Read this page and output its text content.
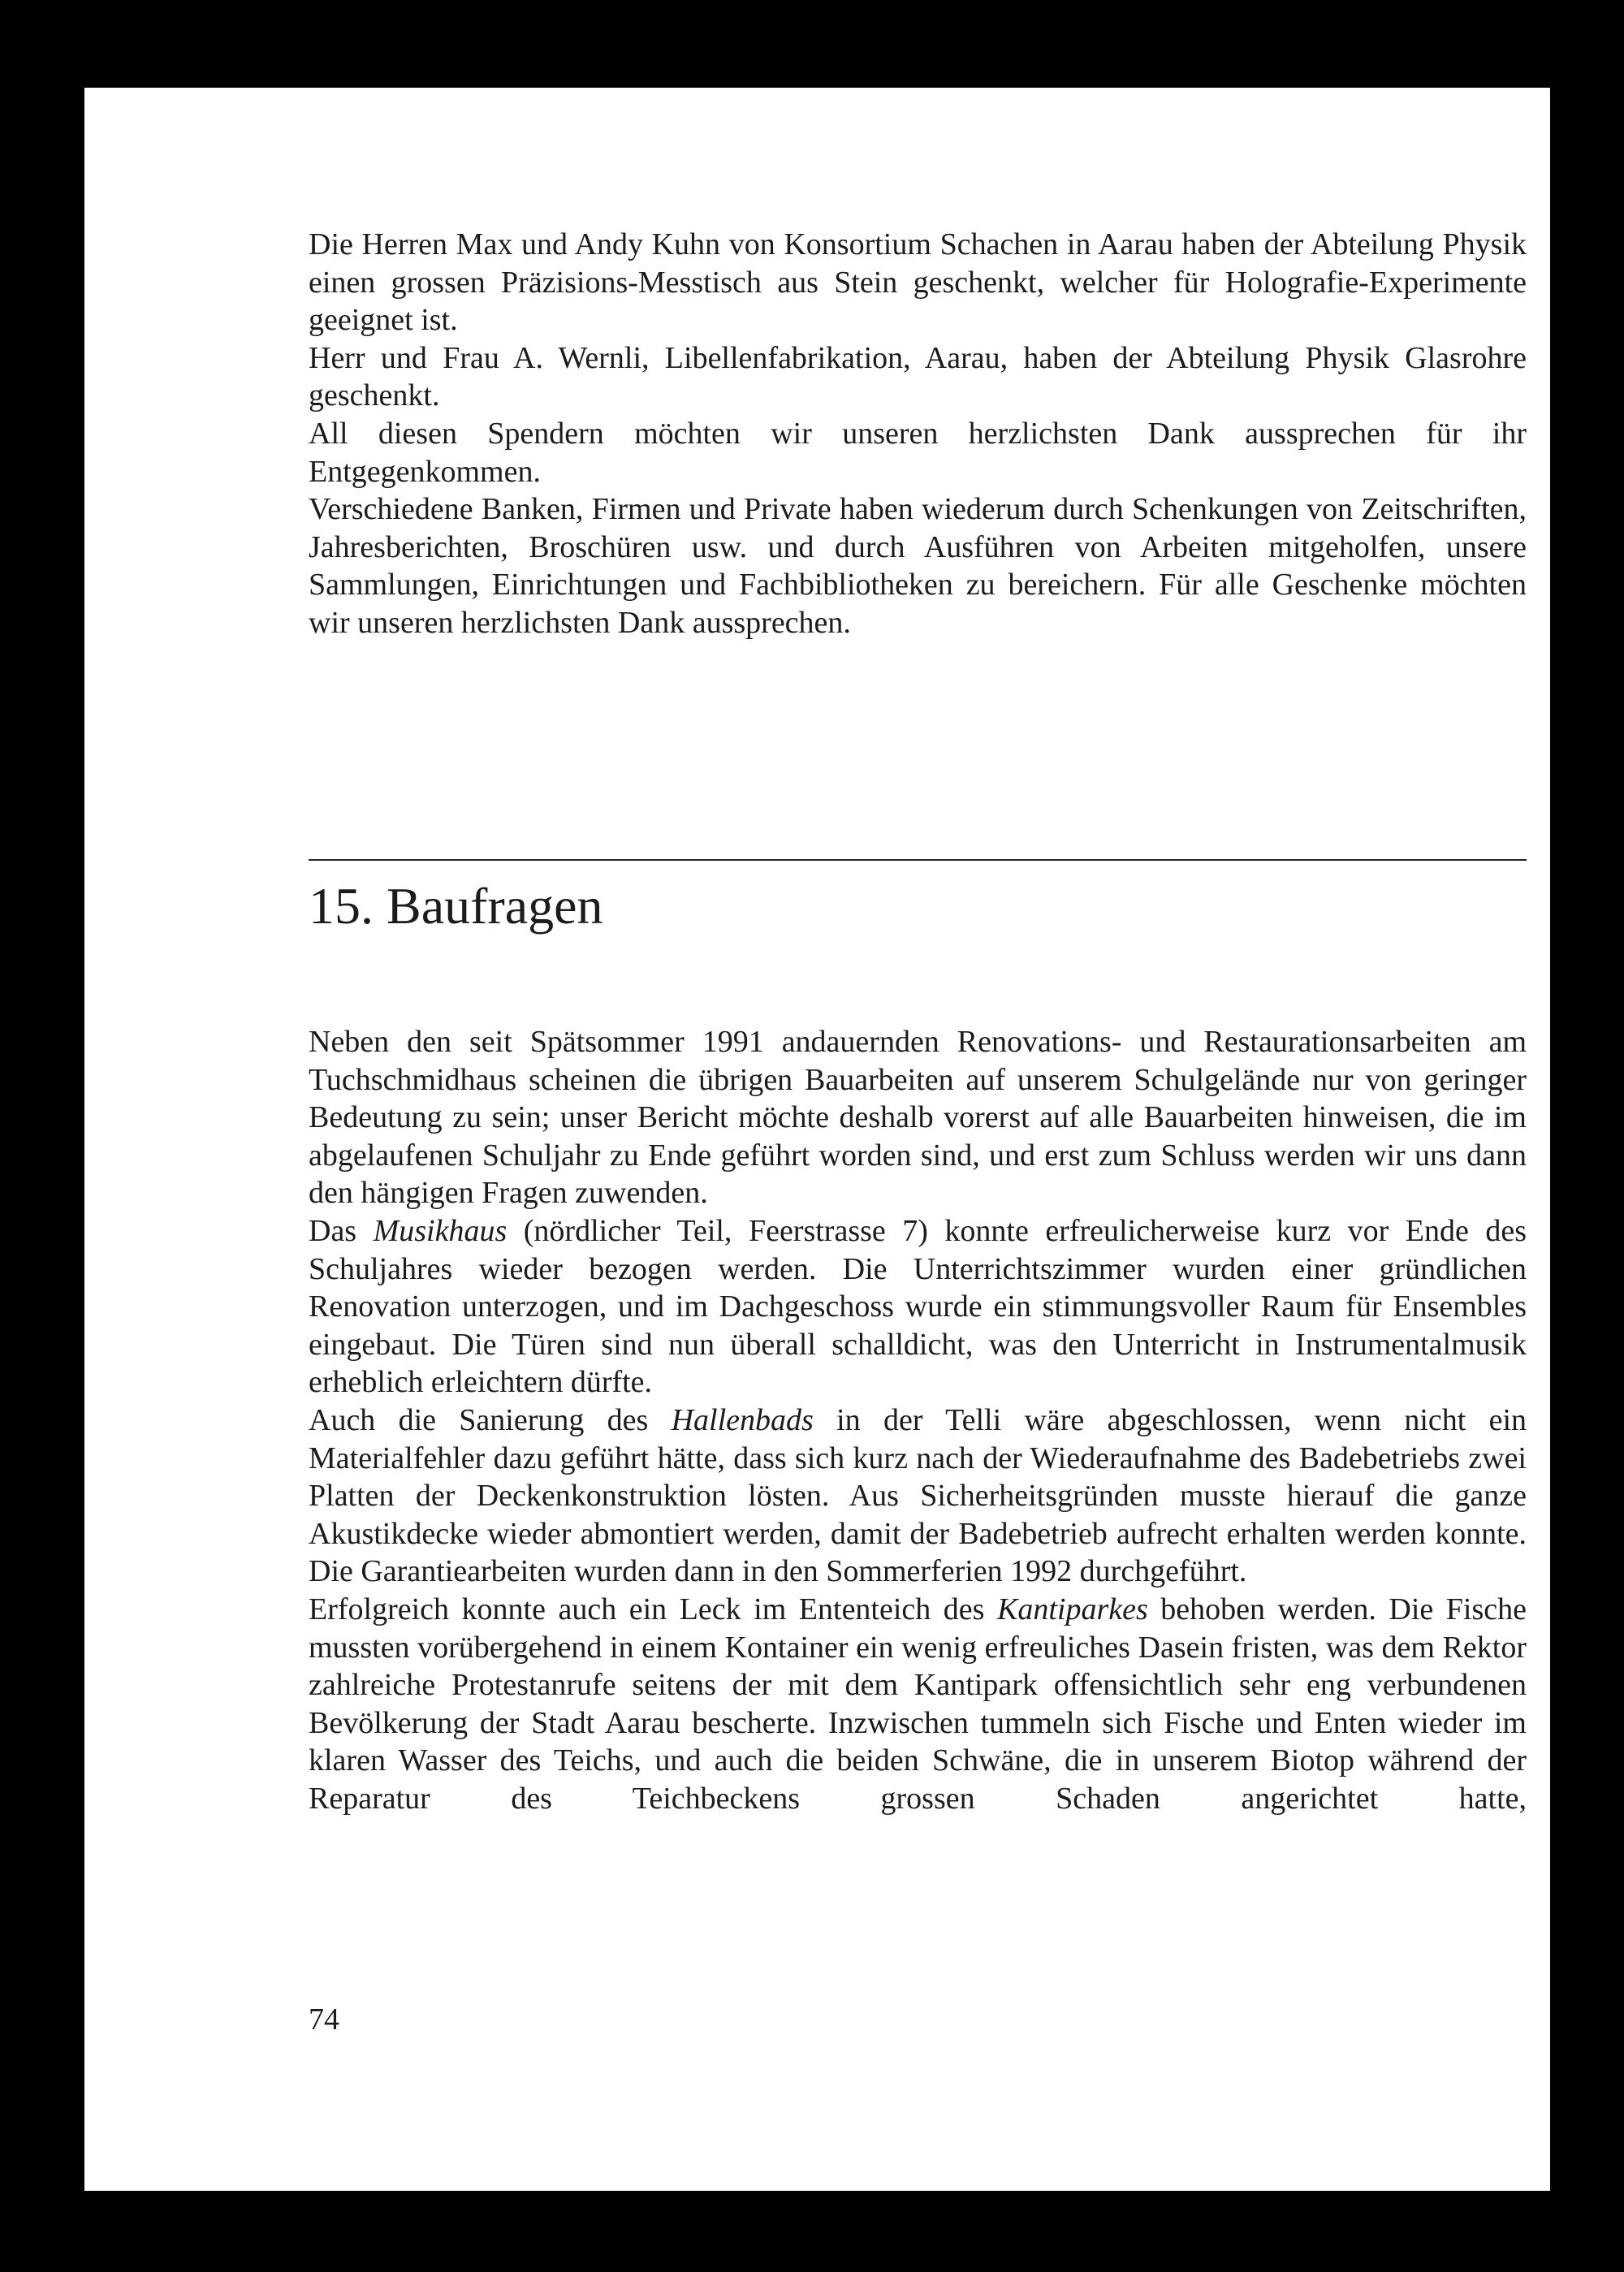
Die Herren Max und Andy Kuhn von Konsortium Schachen in Aarau haben der Abteilung Physik einen grossen Präzisions-Messtisch aus Stein geschenkt, welcher für Holografie-Experimente geeignet ist.

Herr und Frau A. Wernli, Libellenfabrikation, Aarau, haben der Abteilung Physik Glasrohre geschenkt.

All diesen Spendern möchten wir unseren herzlichsten Dank aussprechen für ihr Entgegenkommen.

Verschiedene Banken, Firmen und Private haben wiederum durch Schenkungen von Zeitschriften, Jahresberichten, Broschüren usw. und durch Ausführen von Arbeiten mitgeholfen, unsere Sammlungen, Einrichtungen und Fachbibliotheken zu bereichern. Für alle Geschenke möchten wir unseren herzlichsten Dank aussprechen.

15. Baufragen

Neben den seit Spätsommer 1991 andauernden Renovations- und Restaurationsarbeiten am Tuchschmidhaus scheinen die übrigen Bauarbeiten auf unserem Schulgelände nur von geringer Bedeutung zu sein; unser Bericht möchte deshalb vorerst auf alle Bauarbeiten hinweisen, die im abgelaufenen Schuljahr zu Ende geführt worden sind, und erst zum Schluss werden wir uns dann den hängigen Fragen zuwenden.

Das Musikhaus (nördlicher Teil, Feerstrasse 7) konnte erfreulicherweise kurz vor Ende des Schuljahres wieder bezogen werden. Die Unterrichtszimmer wurden einer gründlichen Renovation unterzogen, und im Dachgeschoss wurde ein stimmungsvoller Raum für Ensembles eingebaut. Die Türen sind nun überall schalldicht, was den Unterricht in Instrumentalmusik erheblich erleichtern dürfte.

Auch die Sanierung des Hallenbads in der Telli wäre abgeschlossen, wenn nicht ein Materialfehler dazu geführt hätte, dass sich kurz nach der Wiederaufnahme des Badebetriebs zwei Platten der Deckenkonstruktion lösten. Aus Sicherheitsgründen musste hierauf die ganze Akustikdecke wieder abmontiert werden, damit der Badebetrieb aufrecht erhalten werden konnte. Die Garantiearbeiten wurden dann in den Sommerferien 1992 durchgeführt.

Erfolgreich konnte auch ein Leck im Ententeich des Kantiparkes behoben werden. Die Fische mussten vorübergehend in einem Kontainer ein wenig erfreuliches Dasein fristen, was dem Rektor zahlreiche Protestanrufe seitens der mit dem Kantipark offensichtlich sehr eng verbundenen Bevölkerung der Stadt Aarau bescherte. Inzwischen tummeln sich Fische und Enten wieder im klaren Wasser des Teichs, und auch die beiden Schwäne, die in unserem Biotop während der Reparatur des Teichbeckens grossen Schaden angerichtet hatte,

74
